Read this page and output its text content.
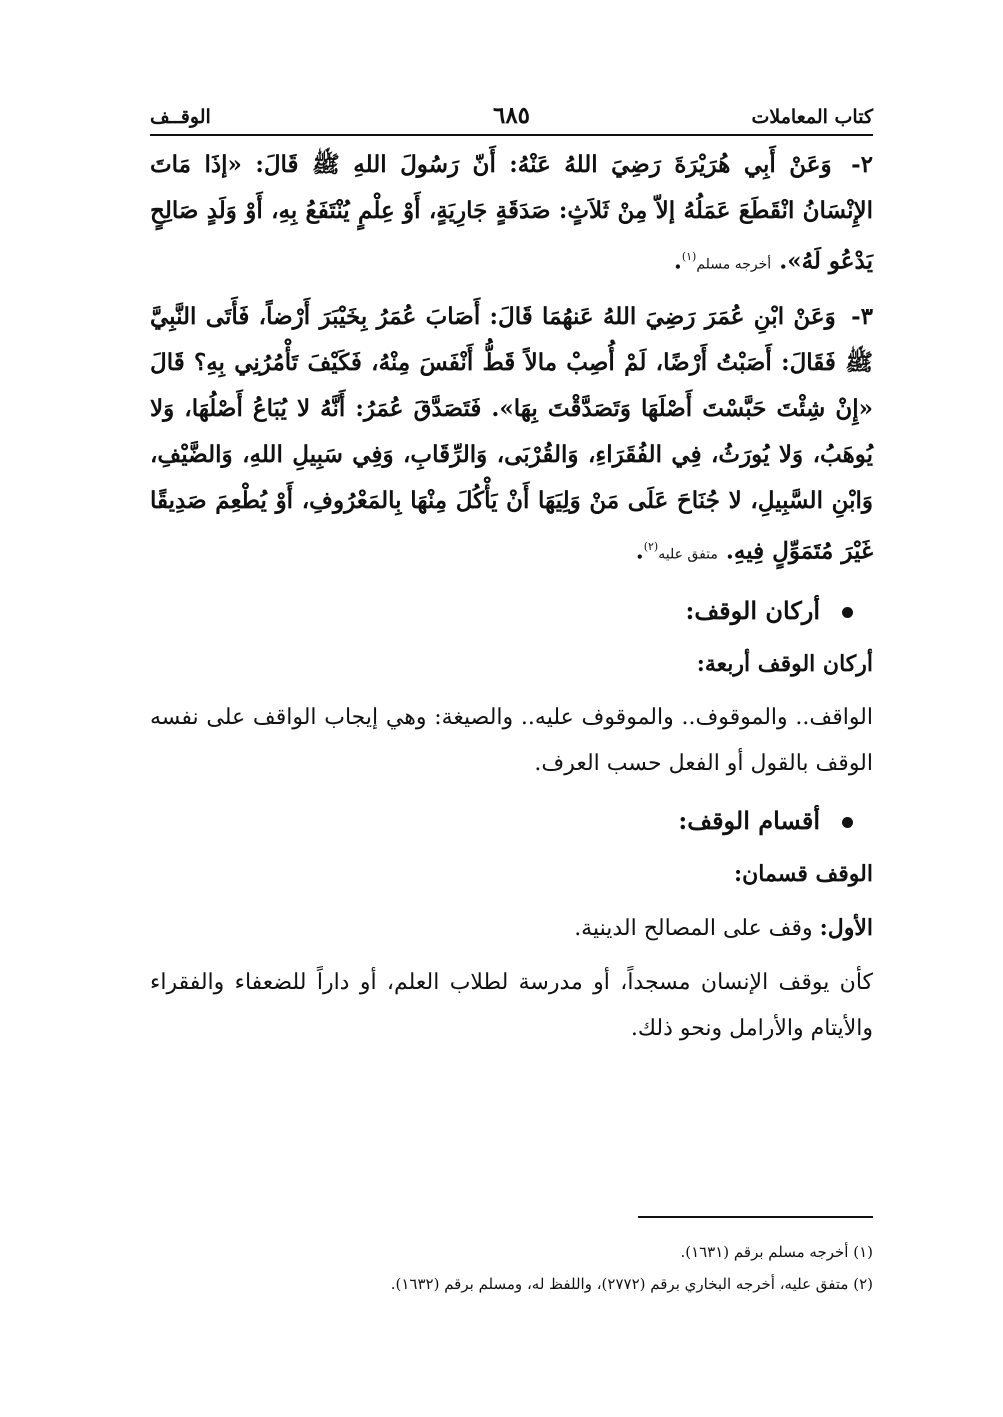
كتاب المعاملات
٦٨٥
الوقــف

٢- وَعَنْ أَبِي هُرَيْرَةَ رَضِيَ اللهُ عَنْهُ: أَنّ رَسُولَ اللهِ ﷺ قَالَ: «إذَا مَاتَ الإِنْسَانُ انْقَطَعَ عَمَلُهُ إلاّ مِنْ ثَلاَثٍ: صَدَقَةٍ جَارِيَةٍ، أَوْ عِلْمٍ يُنْتَفَعُ بِهِ، أَوْ وَلَدٍ صَالِحٍ يَدْعُو لَهُ». أخرجه مسلم$^{(١)}$.

٣- وَعَنْ ابْنِ عُمَرَ رَضِيَ اللهُ عَنهُمَا قَالَ: أَصَابَ عُمَرُ بِخَيْبَرَ أَرْضاً، فَأَتَى النَّبِيَّ ﷺ فَقَالَ: أَصَبْتُ أَرْضًا، لَمْ أُصِبْ مالاً قَطُّ أَنْفَسَ مِنْهُ، فَكَيْفَ تَأْمُرُنِي بِهِ؟ قَالَ «إِنْ شِئْتَ حَبَّسْتَ أَصْلَهَا وَتَصَدَّقْتَ بِهَا». فَتَصَدَّقَ عُمَرُ: أَنَّهُ لا يُبَاعُ أَصْلُهَا، وَلا يُوهَبُ، وَلا يُورَثُ، فِي الفُقَرَاءِ، وَالقُرْبَى، وَالرِّقَابِ، وَفِي سَبِيلِ اللهِ، وَالضَّيْفِ، وَابْنِ السَّبِيلِ، لا جُنَاحَ عَلَى مَنْ وَلِيَهَا أَنْ يَأْكُلَ مِنْهَا بِالمَعْرُوفِ، أَوْ يُطْعِمَ صَدِيقًا غَيْرَ مُتَمَوِّلٍ فِيهِ. متفق عليه$^{(٢)}$.

أركان الوقف:
أركان الوقف أربعة:

الواقف.. والموقوف.. والموقوف عليه.. والصيغة: وهي إيجاب الواقف على نفسه الوقف بالقول أو الفعل حسب العرف.

أقسام الوقف:
الوقف قسمان:

الأول: وقف على المصالح الدينية.

كأن يوقف الإنسان مسجداً، أو مدرسة لطلاب العلم، أو داراً للضعفاء والفقراء والأيتام والأرامل ونحو ذلك.

(١) أخرجه مسلم برقم (١٦٣١).
(٢) متفق عليه، أخرجه البخاري برقم (٢٧٧٢)، واللفظ له، ومسلم برقم (١٦٣٢).
